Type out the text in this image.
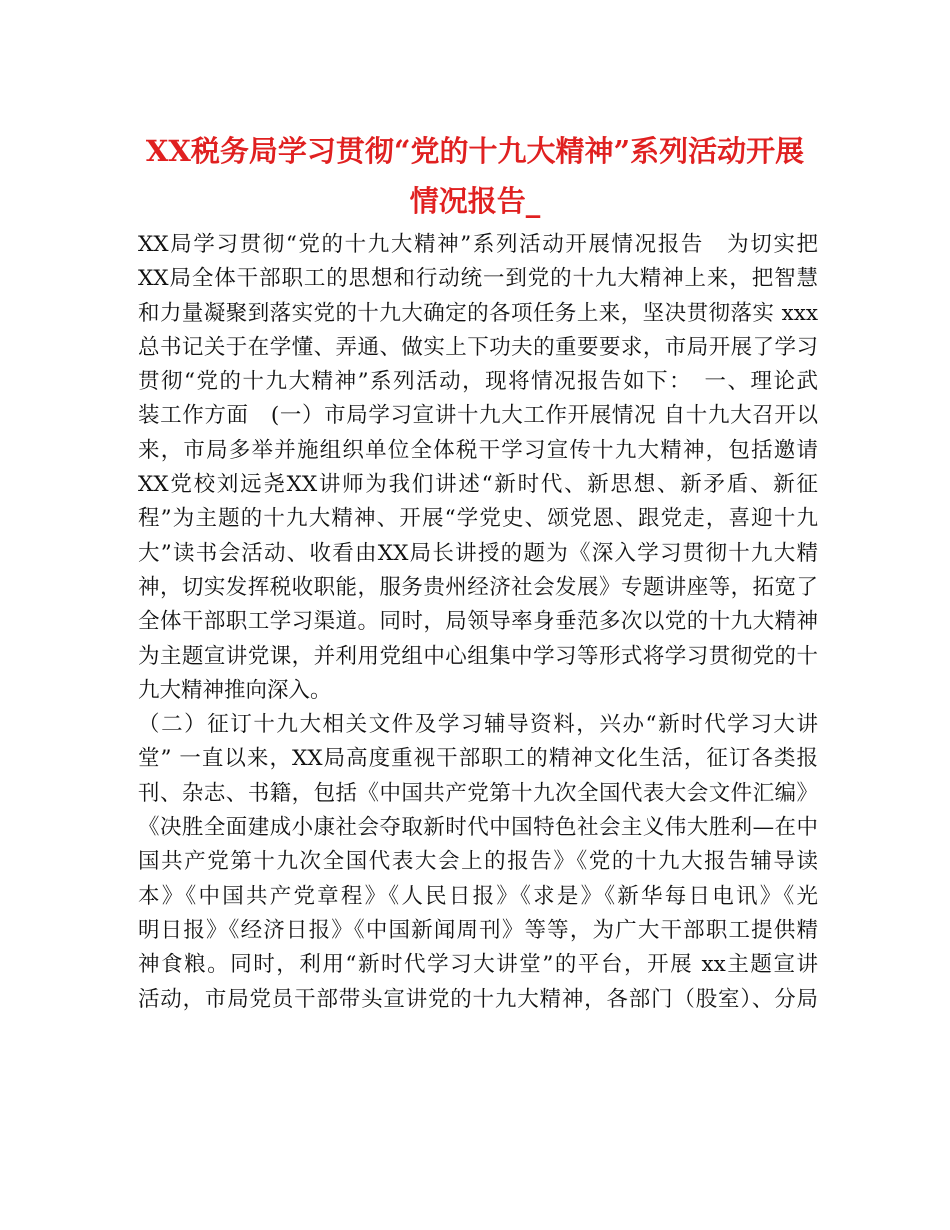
XX税务局学习贯彻“党的十九大精神”系列活动开展
情况报告_
XX局学习贯彻“党的十九大精神”系列活动开展情况报告　为切实把
XX局全体干部职工的思想和行动统一到党的十九大精神上来，把智慧
和力量凝聚到落实党的十九大确定的各项任务上来，坚决贯彻落实 xxx
总书记关于在学懂、弄通、做实上下功夫的重要要求，市局开展了学习
贯彻“党的十九大精神”系列活动，现将情况报告如下：　一、理论武
装工作方面　(一）市局学习宣讲十九大工作开展情况 自十九大召开以
来，市局多举并施组织单位全体税干学习宣传十九大精神，包括邀请
XX党校刘远尧XX讲师为我们讲述“新时代、新思想、新矛盾、新征
程”为主题的十九大精神、开展“学党史、颂党恩、跟党走，喜迎十九
大”读书会活动、收看由XX局长讲授的题为《深入学习贯彻十九大精
神，切实发挥税收职能，服务贵州经济社会发展》专题讲座等，拓宽了
全体干部职工学习渠道。同时，局领导率身垂范多次以党的十九大精神
为主题宣讲党课，并利用党组中心组集中学习等形式将学习贯彻党的十
九大精神推向深入。
（二）征订十九大相关文件及学习辅导资料，兴办“新时代学习大讲
堂” 一直以来，XX局高度重视干部职工的精神文化生活，征订各类报
刊、杂志、书籍，包括《中国共产党第十九次全国代表大会文件汇编》
《决胜全面建成小康社会夺取新时代中国特色社会主义伟大胜利—在中
国共产党第十九次全国代表大会上的报告》《党的十九大报告辅导读
本》《中国共产党章程》《人民日报》《求是》《新华每日电讯》《光
明日报》《经济日报》《中国新闻周刊》等等，为广大干部职工提供精
神食粮。同时，利用“新时代学习大讲堂”的平台，开展 xx主题宣讲
活动，市局党员干部带头宣讲党的十九大精神，各部门（股室）、分局
